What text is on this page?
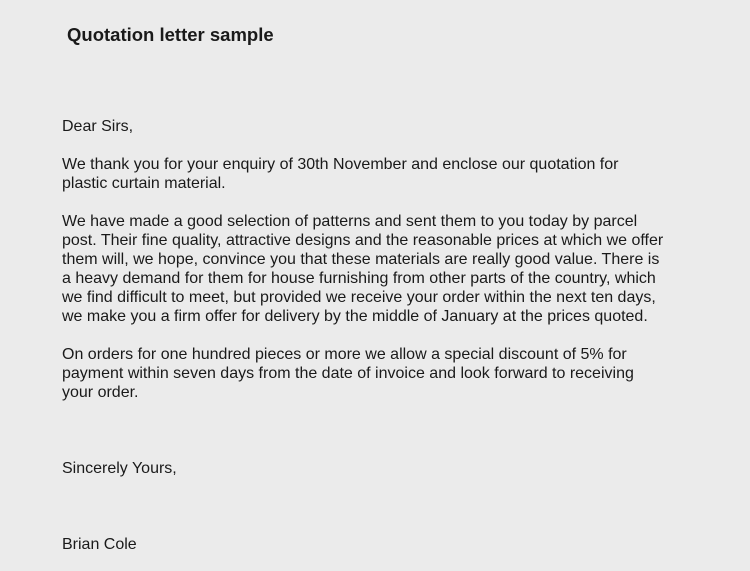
Quotation letter sample

Dear Sirs,

We thank you for your enquiry of 30th November and enclose our quotation for

plastic curtain material.

We have made a good selection of patterns and sent them to you today by parcel

post. Their fine quality, attractive designs and the reasonable prices at which we offer

them will, we hope, convince you that these materials are really good value. There is

a heavy demand for them for house furnishing from other parts of the country, which

we find difficult to meet, but provided we receive your order within the next ten days,

we make you a firm offer for delivery by the middle of January at the prices quoted.

On orders for one hundred pieces or more we allow a special discount of 5% for

payment within seven days from the date of invoice and look forward to receiving

your order.

Sincerely Yours,

Brian Cole
